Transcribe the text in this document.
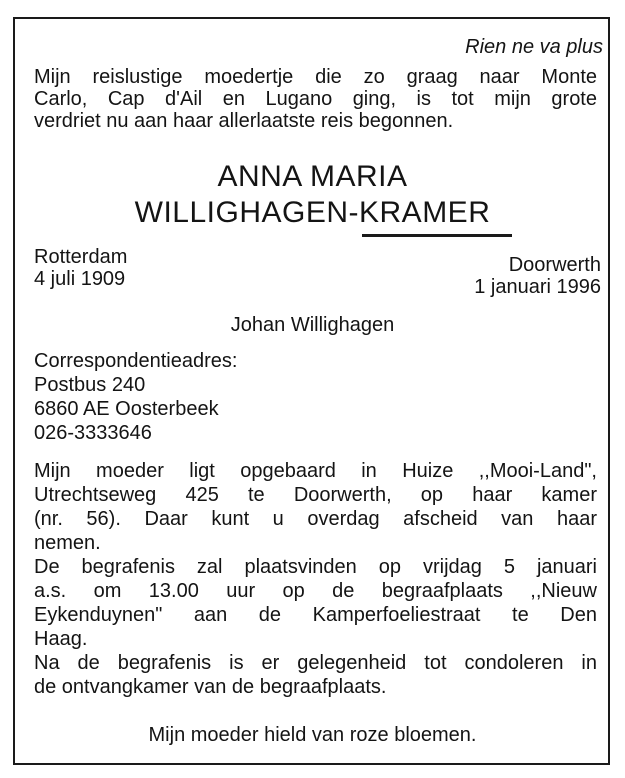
Rien ne va plus
Mijn reislustige moedertje die zo graag naar Monte
Carlo, Cap d'Ail en Lugano ging, is tot mijn grote
verdriet nu aan haar allerlaatste reis begonnen.
ANNA MARIA
WILLIGHAGEN-KRAMER
Rotterdam
4 juli 1909
Doorwerth
1 januari 1996
Johan Willighagen
Correspondentieadres:
Postbus 240
6860 AE Oosterbeek
026-3333646
Mijn moeder ligt opgebaard in Huize ,,Mooi-Land",
Utrechtseweg 425 te Doorwerth, op haar kamer
(nr. 56). Daar kunt u overdag afscheid van haar
nemen.
De begrafenis zal plaatsvinden op vrijdag 5 januari
a.s. om 13.00 uur op de begraafplaats ,,Nieuw
Eykenduynen" aan de Kamperfoeliestraat te Den
Haag.
Na de begrafenis is er gelegenheid tot condoleren in
de ontvangkamer van de begraafplaats.
Mijn moeder hield van roze bloemen.
